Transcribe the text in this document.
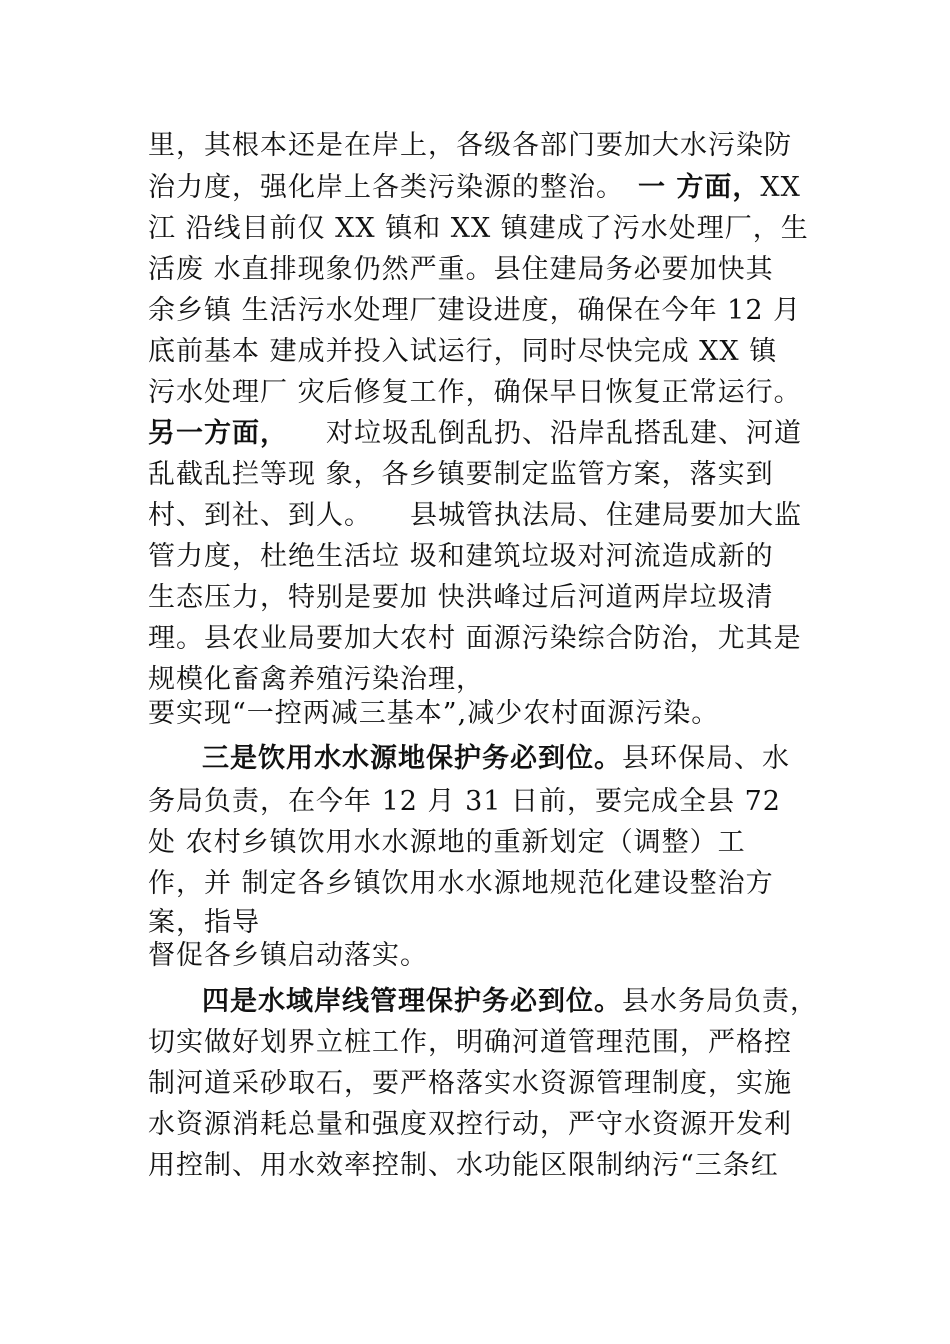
里，其根本还是在岸上，各级各部门要加大水污染防
治力度，强化岸上各类污染源的整治。 一 方面，XX
江 沿线目前仅 XX 镇和 XX 镇建成了污水处理厂，生
活废 水直排现象仍然严重。县住建局务必要加快其
余乡镇 生活污水处理厂建设进度，确保在今年 12 月
底前基本 建成并投入试运行，同时尽快完成 XX 镇
污水处理厂 灾后修复工作，确保早日恢复正常运行。
另一方面， 对垃圾乱倒乱扔、沿岸乱搭乱建、河道
乱截乱拦等现 象，各乡镇要制定监管方案，落实到
村、到社、到人。 县城管执法局、住建局要加大监
管力度，杜绝生活垃 圾和建筑垃圾对河流造成新的
生态压力，特别是要加 快洪峰过后河道两岸垃圾清
理。县农业局要加大农村 面源污染综合防治，尤其是
规模化畜禽养殖污染治理，
要实现“一控两减三基本”,减少农村面源污染。
三是饮用水水源地保护务必到位。县环保局、水
务局负责，在今年 12 月 31 日前，要完成全县 72
处 农村乡镇饮用水水源地的重新划定（调整）工
作，并 制定各乡镇饮用水水源地规范化建设整治方
案，指导
督促各乡镇启动落实。
四是水域岸线管理保护务必到位。县水务局负责，
切实做好划界立桩工作，明确河道管理范围，严格控
制河道采砂取石，要严格落实水资源管理制度，实施
水资源消耗总量和强度双控行动，严守水资源开发利
用控制、用水效率控制、水功能区限制纳污“三条红
